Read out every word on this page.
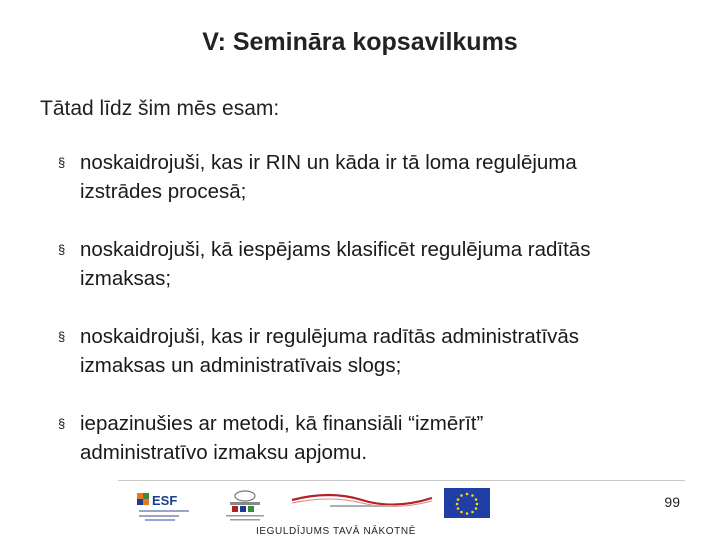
V: Semināra kopsavilkums
Tātad līdz šim mēs esam:
§ noskaidrojuši, kas ir RIN un kāda ir tā loma regulējuma
izstrādes procesā;
§ noskaidrojuši, kā iespējams klasificēt regulējuma radītās
izmaksas;
§ noskaidrojuši, kas ir regulējuma radītās administratīvās
izmaksas un administratīvais slogs;
§ iepazinušies ar metodi, kā finansiāli “izmērīt”
administratīvo izmaksu apjomu.
99
ESF
IEGULDĪJUMS TAVĀ NĀKOTNĒ
